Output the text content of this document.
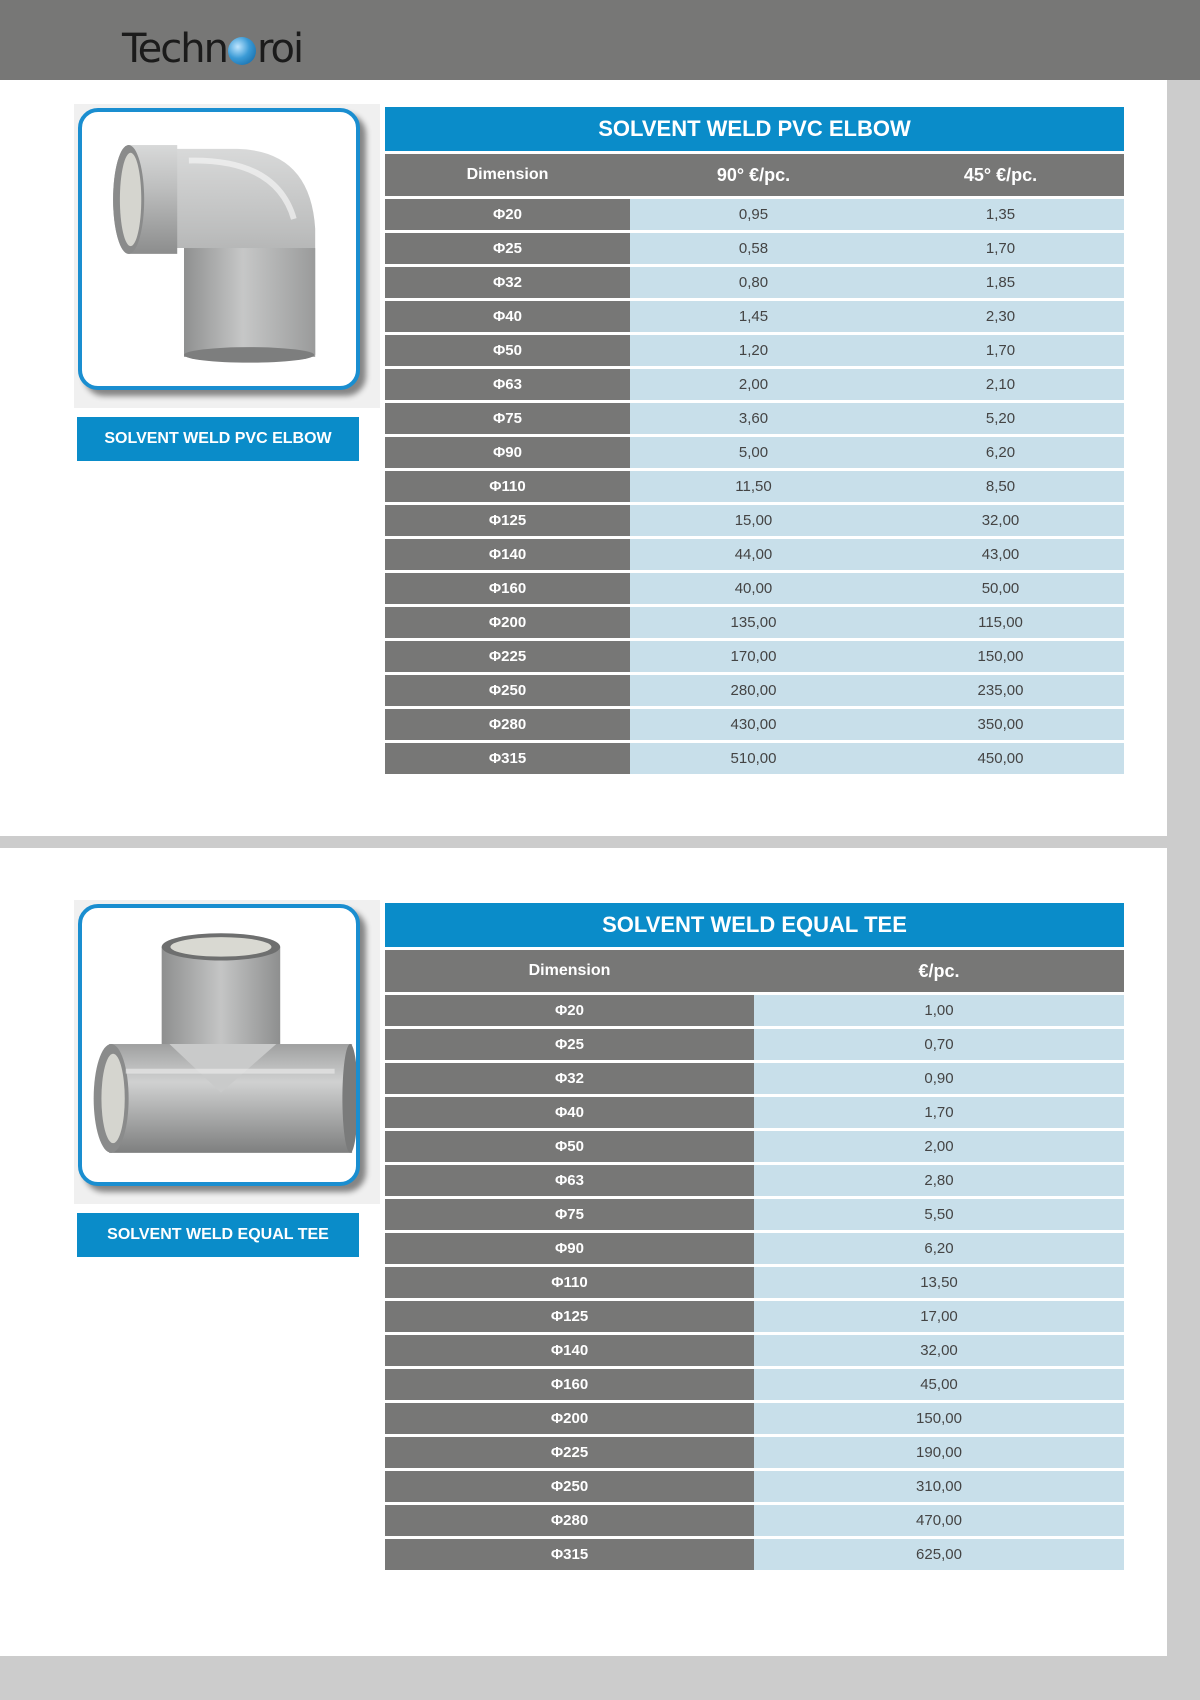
Techn roi
SOLVENT WELD PVC ELBOW
SOLVENT WELD PVC ELBOW
Dimension	90° €/pc.	45° €/pc.
Φ20	0,95	1,35
Φ25	0,58	1,70
Φ32	0,80	1,85
Φ40	1,45	2,30
Φ50	1,20	1,70
Φ63	2,00	2,10
Φ75	3,60	5,20
Φ90	5,00	6,20
Φ110	11,50	8,50
Φ125	15,00	32,00
Φ140	44,00	43,00
Φ160	40,00	50,00
Φ200	135,00	115,00
Φ225	170,00	150,00
Φ250	280,00	235,00
Φ280	430,00	350,00
Φ315	510,00	450,00
SOLVENT WELD EQUAL TEE
SOLVENT WELD EQUAL TEE
Dimension	€/pc.
Φ20	1,00
Φ25	0,70
Φ32	0,90
Φ40	1,70
Φ50	2,00
Φ63	2,80
Φ75	5,50
Φ90	6,20
Φ110	13,50
Φ125	17,00
Φ140	32,00
Φ160	45,00
Φ200	150,00
Φ225	190,00
Φ250	310,00
Φ280	470,00
Φ315	625,00
